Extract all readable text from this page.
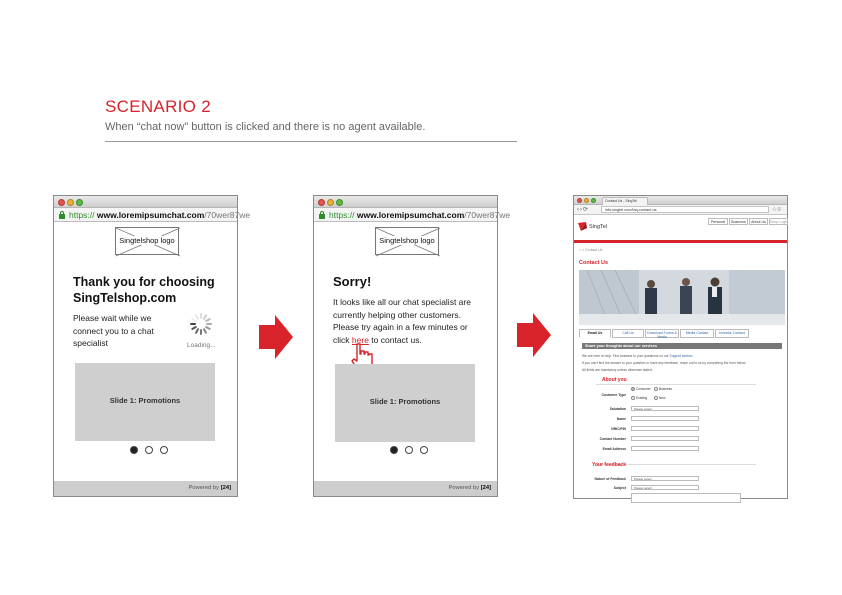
SCENARIO 2
When “chat now” button is clicked and there is no agent available.
https:// www.loremipsumchat.com/70wer87we
Singtelshop logo
Thank you for choosing SingTelshop.com
Please wait while we connect you to a chat specialist	Loading...
Slide 1: Promotions
Powered by [24]
https:// www.loremipsumchat.com/70wer87we
Singtelshop logo
Sorry!
It looks like all our chat specialist are currently helping other customers. Please try again in a few minutes or click here to contact us.
Slide 1: Promotions
Powered by [24]
Contact Us - SingTel
‹›⟳	info.singtel.com/faq-contact-us	☆≡
Personal	Business	About Us	Shop Login
SingTel
⌂ > Contact Us
Contact Us
Email Us	Call Us	Download Forms & Media
Media Contact	Investor Contact
Share your thoughts about our services
We are here to help. Find answers to your questions on our Support section.
If you can't find the answer to your question or have any feedback, reach out to us by completing the form below.
All fields are mandatory unless otherwise stated.
About you
Customer Type
Consumer	Business
Existing	New
Salutation	Please select
Name
NRIC/FIN
Contact Number
Email Address
Your feedback
Nature of Feedback	Please select
Subject	Please select
